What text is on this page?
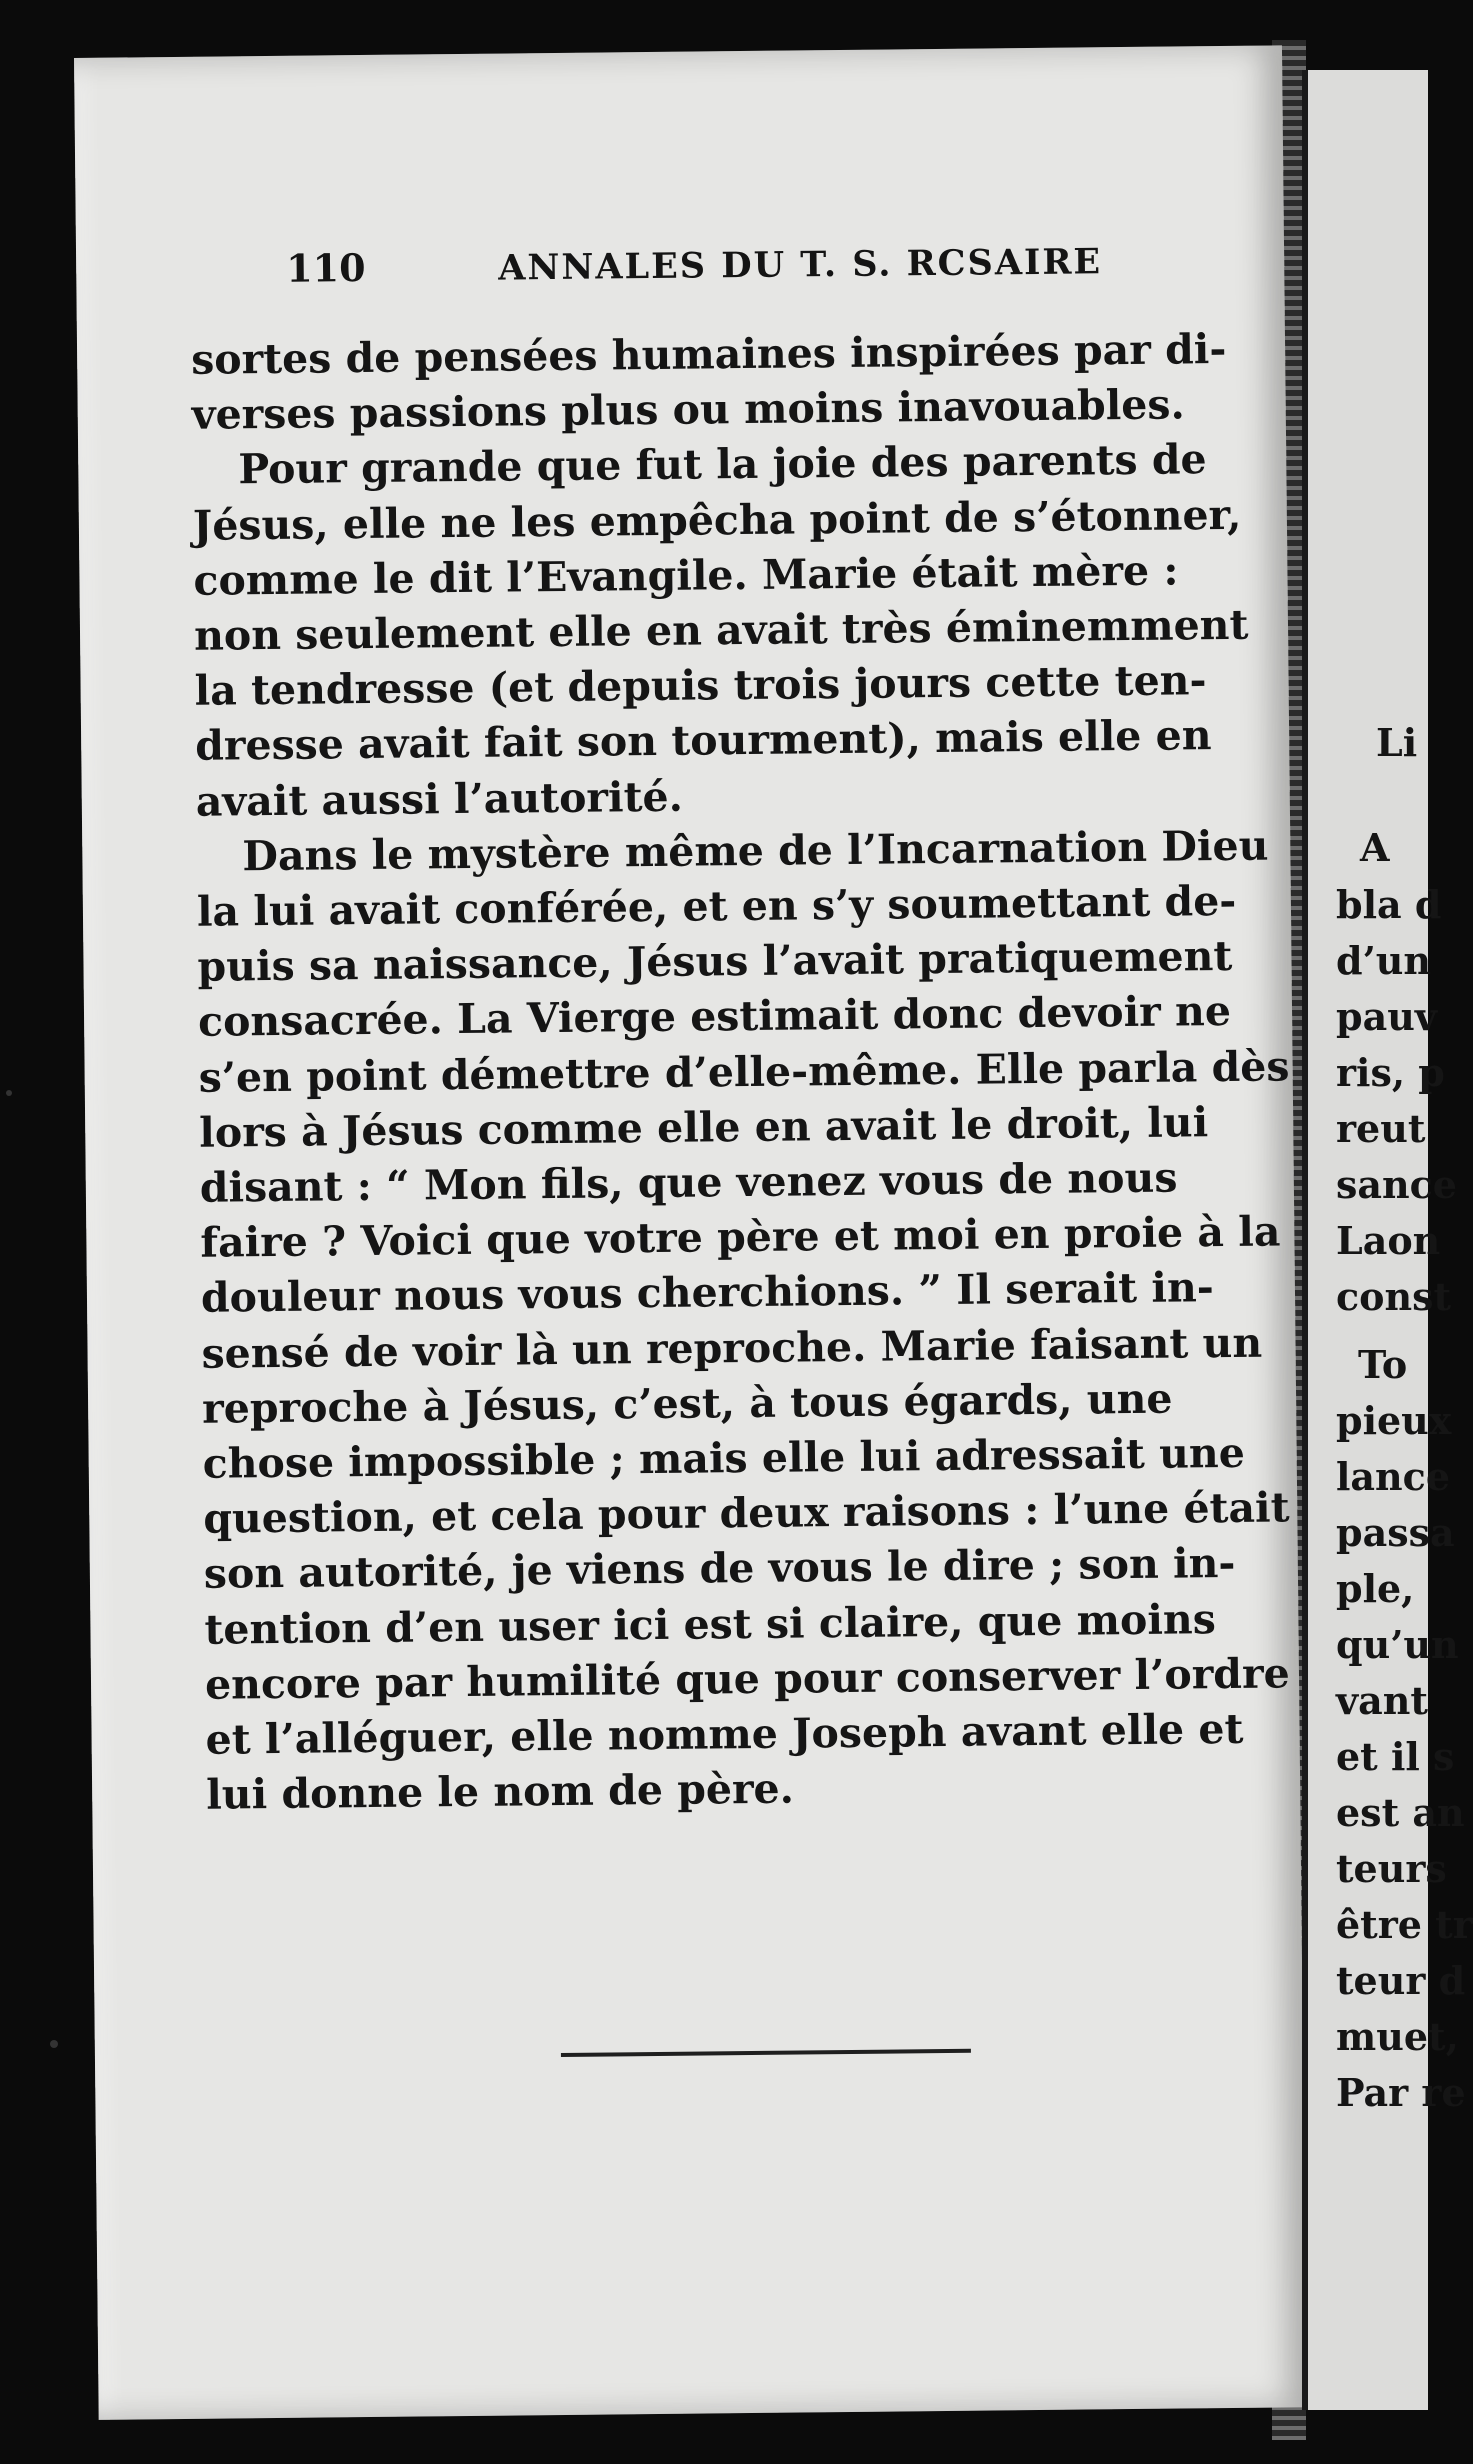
110	ANNALES DU T. S. RCSAIRE
sortes de pensées humaines inspirées par di-
verses passions plus ou moins inavouables.
Pour grande que fut la joie des parents de
Jésus, elle ne les empêcha point de s’étonner,
comme le dit l’Evangile. Marie était mère :
non seulement elle en avait très éminemment
la tendresse (et depuis trois jours cette ten-
dresse avait fait son tourment), mais elle en
avait aussi l’autorité.
Dans le mystère même de l’Incarnation Dieu
la lui avait conférée, et en s’y soumettant de-
puis sa naissance, Jésus l’avait pratiquement
consacrée. La Vierge estimait donc devoir ne
s’en point démettre d’elle-même. Elle parla dès
lors à Jésus comme elle en avait le droit, lui
disant : “ Mon fils, que venez vous de nous
faire ? Voici que votre père et moi en proie à la
douleur nous vous cherchions. ” Il serait in-
sensé de voir là un reproche. Marie faisant un
reproche à Jésus, c’est, à tous égards, une
chose impossible ; mais elle lui adressait une
question, et cela pour deux raisons : l’une était
son autorité, je viens de vous le dire ; son in-
tention d’en user ici est si claire, que moins
encore par humilité que pour conserver l’ordre
et l’alléguer, elle nomme Joseph avant elle et
lui donne le nom de père.
Li
A
bla d
d’un
pauv
ris, p
reut
sance
Laon
const
To
pieux
lance
passa
ple,
qu’un
vant
et il s
est an
teurs
être tr
teur d
muet,
Par re
